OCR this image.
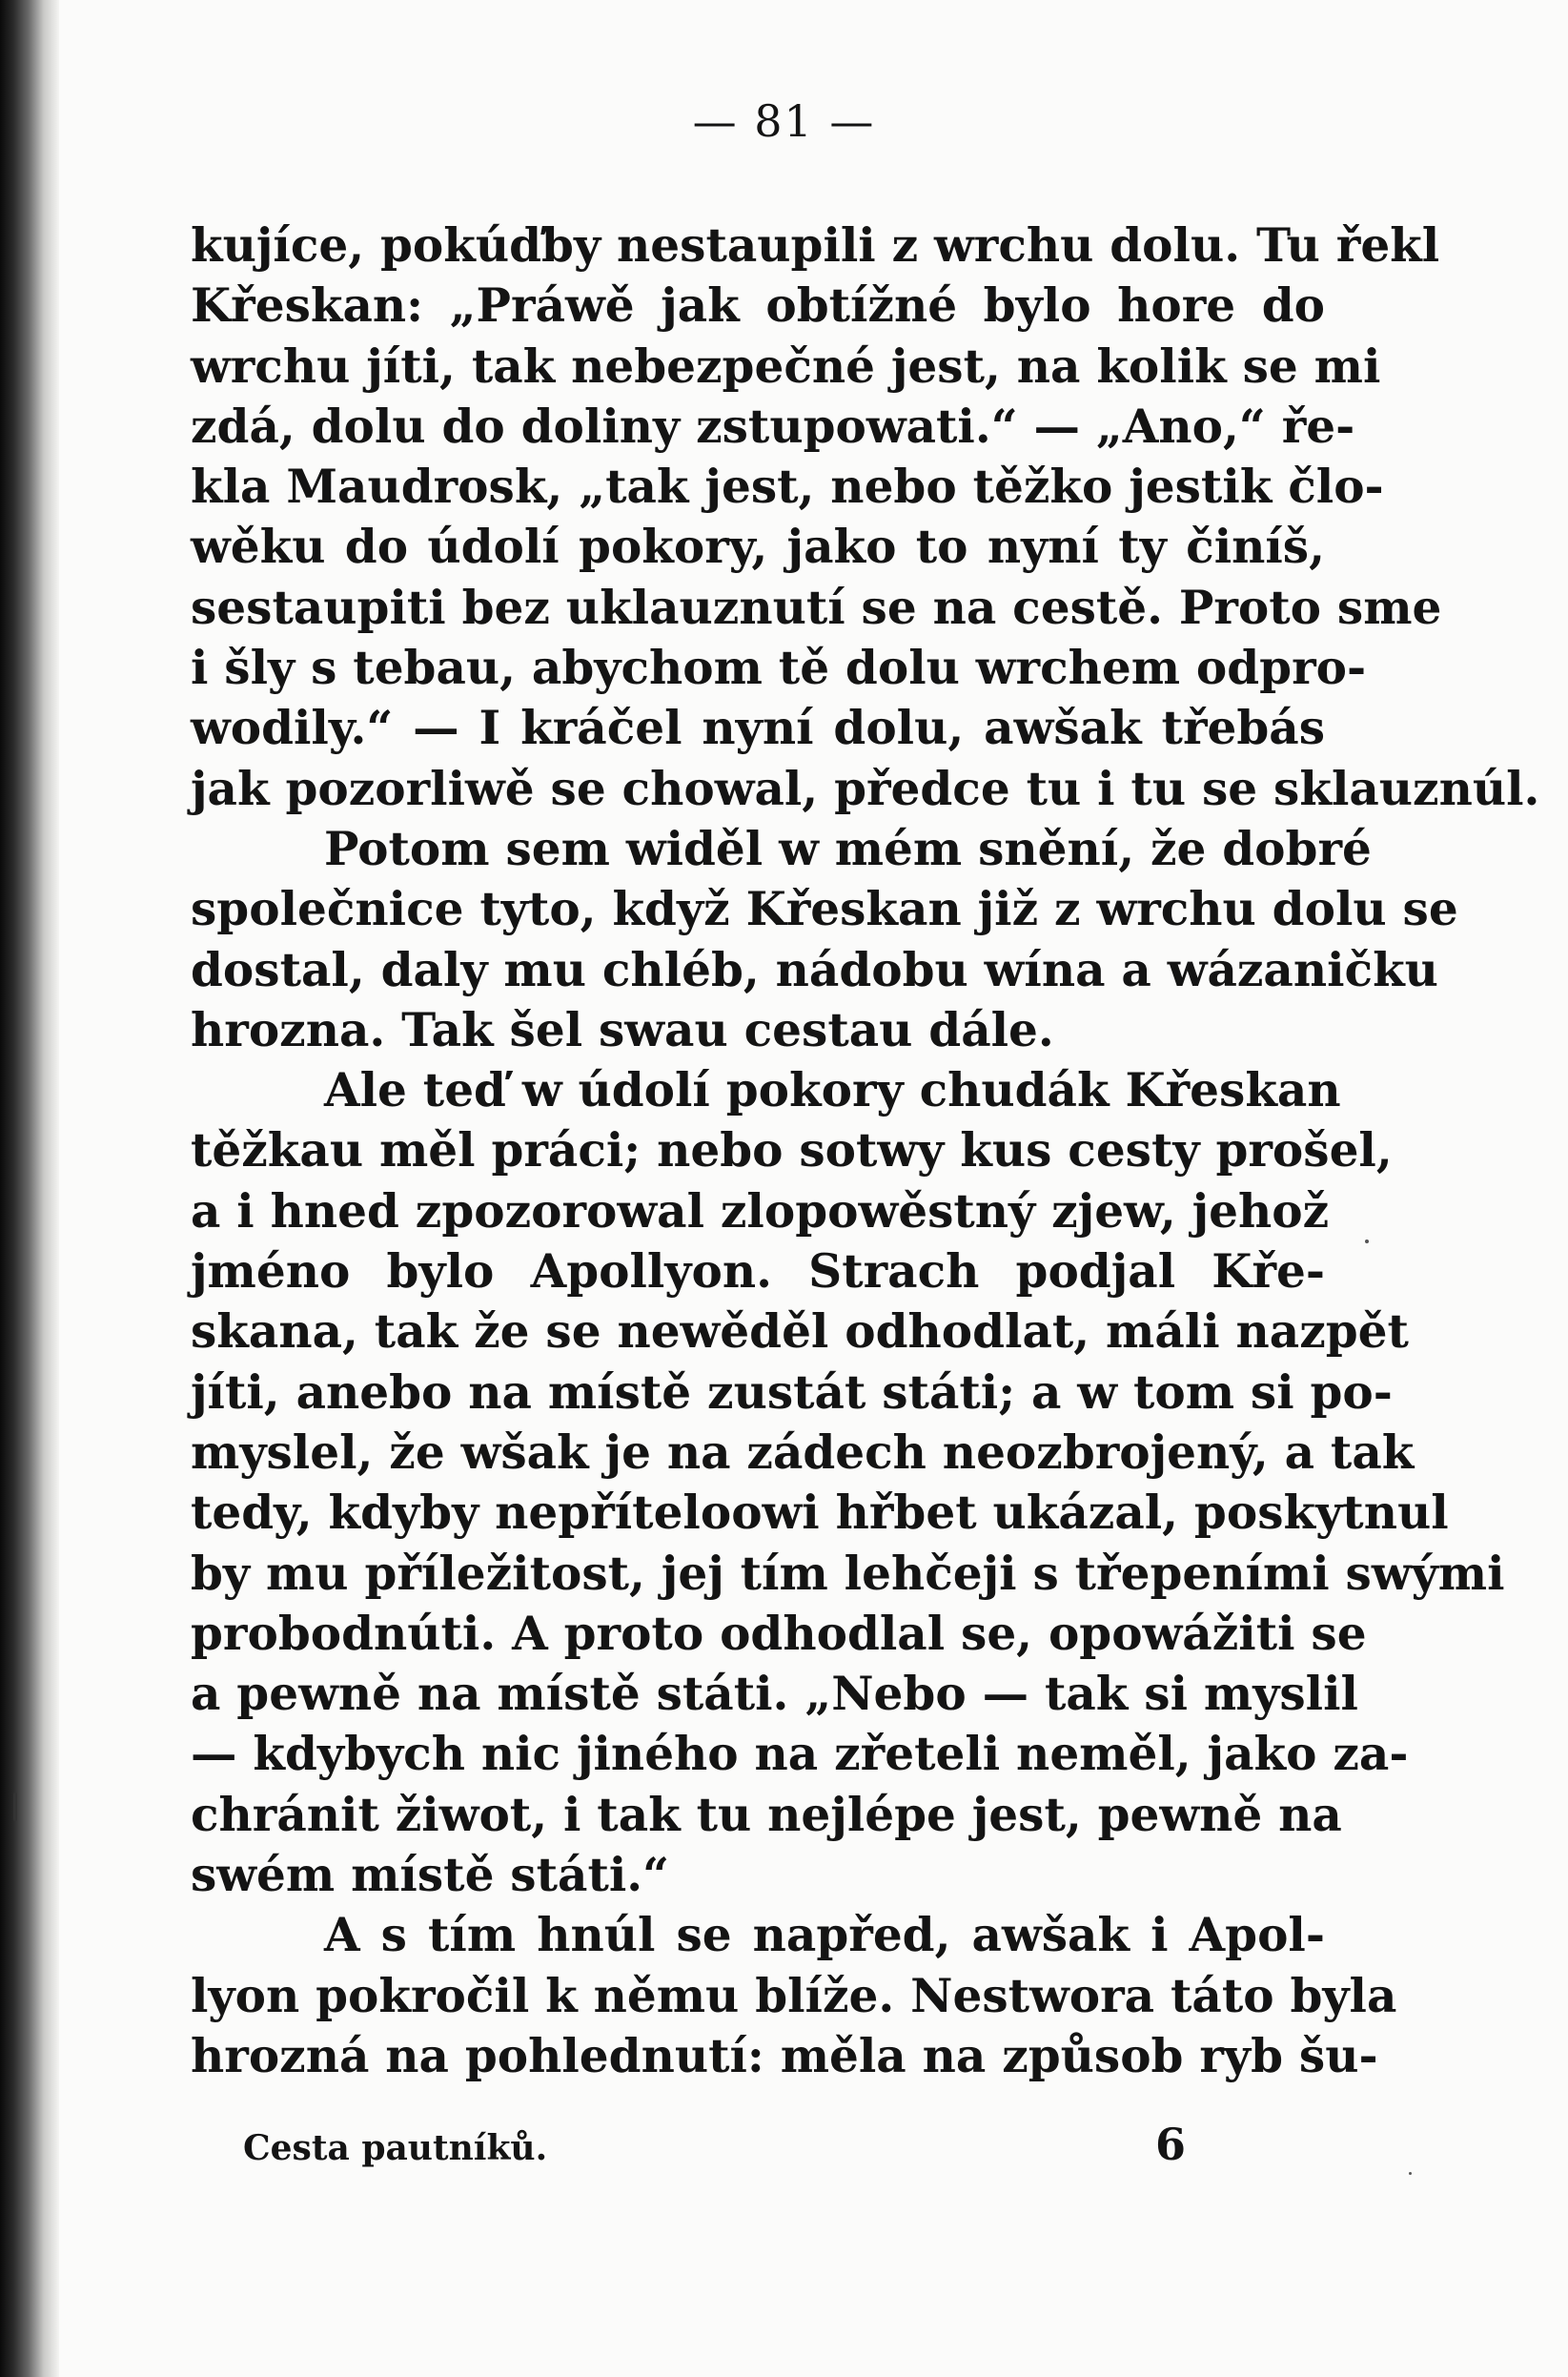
— 81 —
kujíce, pokúďby nestaupili z wrchu dolu. Tu řekl
Křeskan: „Práwě jak obtížné bylo hore do
wrchu jíti, tak nebezpečné jest, na kolik se mi
zdá, dolu do doliny zstupowati.“ — „Ano,“ ře-
kla Maudrosk, „tak jest, nebo těžko jestik člo-
wěku do údolí pokory, jako to nyní ty činíš,
sestaupiti bez uklauznutí se na cestě. Proto sme
i šly s tebau, abychom tě dolu wrchem odpro-
wodily.“ — I kráčel nyní dolu, awšak třebás
jak pozorliwě se chowal, předce tu i tu se sklauznúl.
Potom sem widěl w mém snění, že dobré
společnice tyto, když Křeskan již z wrchu dolu se
dostal, daly mu chléb, nádobu wína a wázaničku
hrozna. Tak šel swau cestau dále.
Ale teď w údolí pokory chudák Křeskan
těžkau měl práci; nebo sotwy kus cesty prošel,
a i hned zpozorowal zlopowěstný zjew, jehož
jméno bylo Apollyon. Strach podjal Kře-
skana, tak že se newěděl odhodlat, máli nazpět
jíti, anebo na místě zustát státi; a w tom si po-
myslel, že wšak je na zádech neozbrojený, a tak
tedy, kdyby nepříteloowi hřbet ukázal, poskytnul
by mu příležitost, jej tím lehčeji s třepeními swými
probodnúti. A proto odhodlal se, opowážiti se
a pewně na místě státi. „Nebo — tak si myslil
— kdybych nic jiného na zřeteli neměl, jako za-
chránit žiwot, i tak tu nejlépe jest, pewně na
swém místě státi.“
A s tím hnúl se napřed, awšak i Apol-
lyon pokročil k němu blíže. Nestwora táto byla
hrozná na pohlednutí: měla na způsob ryb šu-
Cesta pautníků.	6
